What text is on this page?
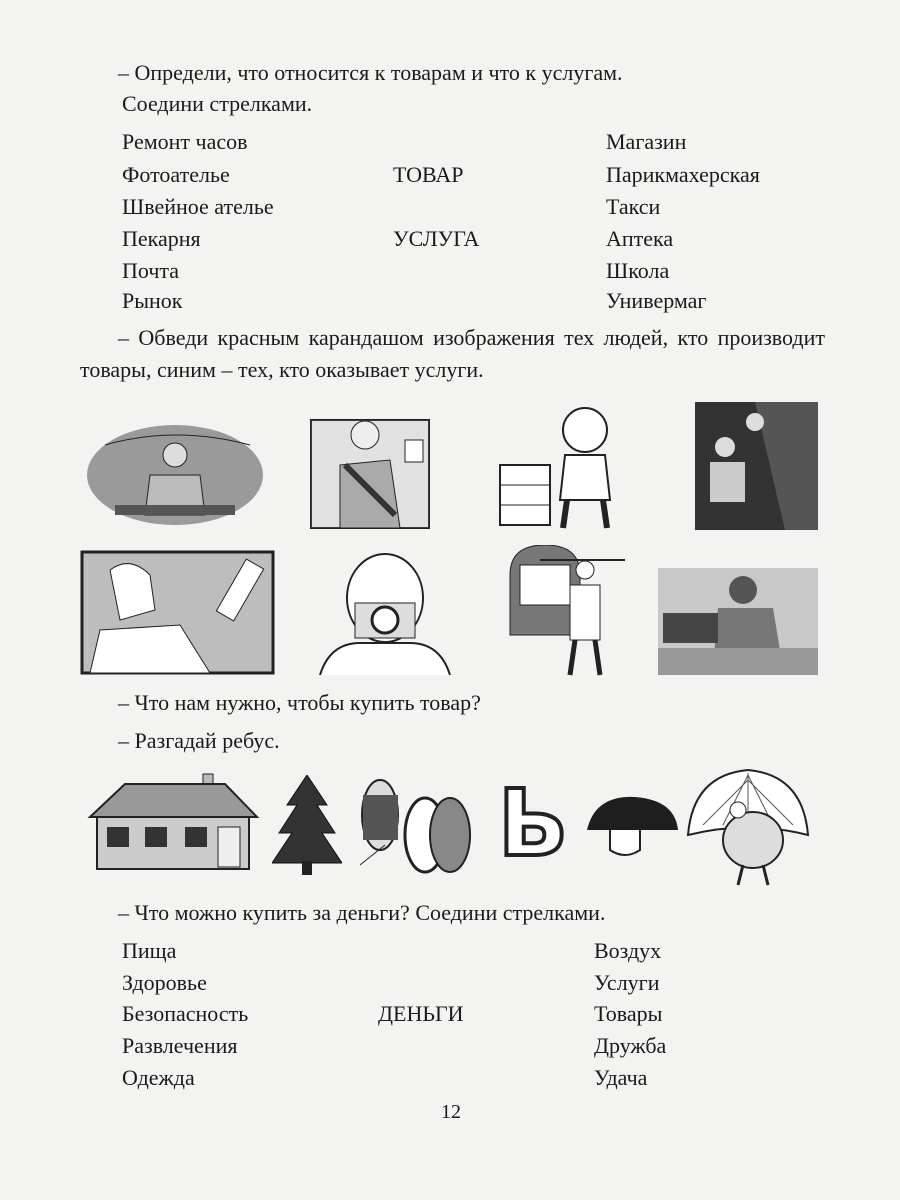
– Определи, что относится к товарам и что к услугам.
Соедини стрелками.
Ремонт часов
Фотоателье
Швейное ателье
Пекарня
Почта
Рынок
ТОВАР
УСЛУГА
Магазин
Парикмахерская
Такси
Аптека
Школа
Универмаг
– Обведи красным карандашом изображения тех людей, кто производит товары, синим – тех, кто оказывает услуги.
– Что нам нужно, чтобы купить товар?
– Разгадай ребус.
Ь
– Что можно купить за деньги? Соедини стрелками.
Пища
Здоровье
Безопасность
Развлечения
Одежда
ДЕНЬГИ
Воздух
Услуги
Товары
Дружба
Удача
12
